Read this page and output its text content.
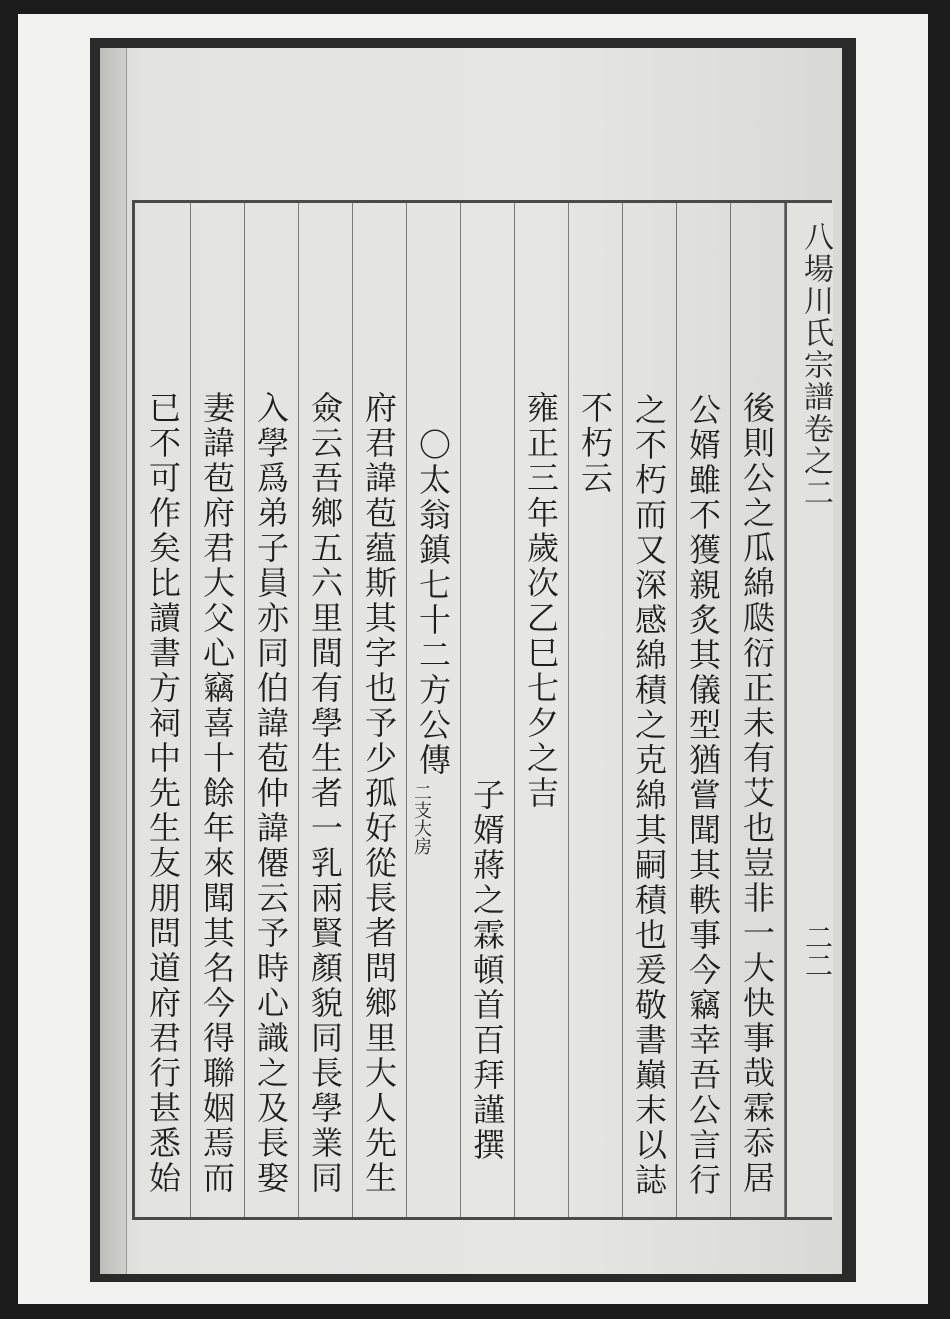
後則公之瓜綿瓞衍正未有艾也豈非一大快事哉霖忝居
公婿雖不獲親炙其儀型猶嘗聞其軼事今竊幸吾公言行
之不朽而又深感綿積之克綿其嗣積也爰敬書巔末以誌
不朽云
雍正三年歲次乙巳七夕之吉
子婿蔣之霖頓首百拜謹撰
〇太翁鎮七十二方公傳
二支大房
府君諱苞蕴斯其字也予少孤好從長者問鄉里大人先生
僉云吾鄉五六里間有學生者一乳兩賢顏貌同長學業同
入學爲弟子員亦同伯諱苞仲諱僊云予時心識之及長娶
妻諱苞府君大父心竊喜十餘年來聞其名今得聯姻焉而
已不可作矣比讀書方祠中先生友朋問道府君行甚悉始
八場川氏宗譜卷之二
二二
